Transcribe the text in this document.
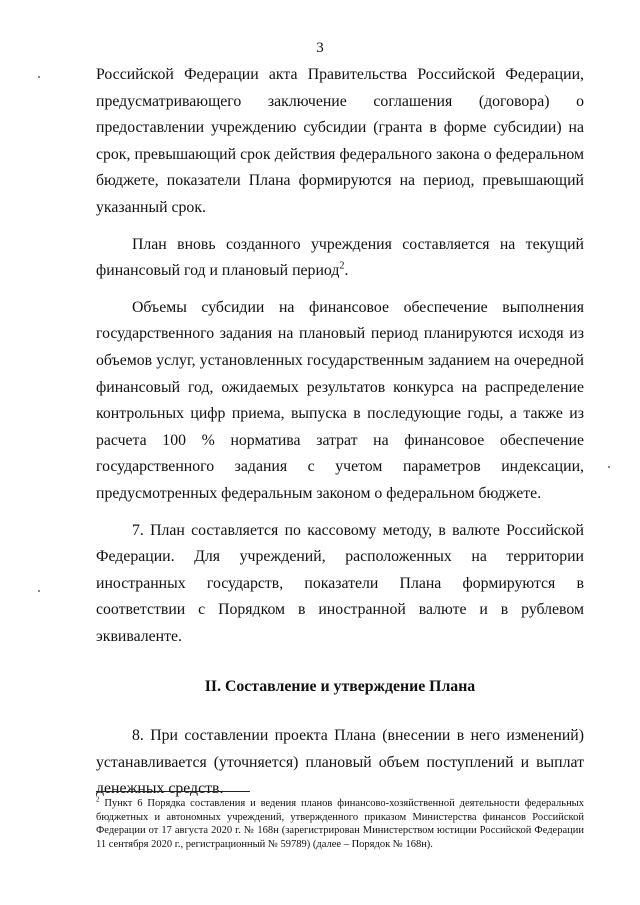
3

Российской Федерации акта Правительства Российской Федерации, предусматривающего заключение соглашения (договора) о предоставлении учреждению субсидии (гранта в форме субсидии) на срок, превышающий срок действия федерального закона о федеральном бюджете, показатели Плана формируются на период, превышающий указанный срок.

План вновь созданного учреждения составляется на текущий финансовый год и плановый период$^2$.

Объемы субсидии на финансовое обеспечение выполнения государственного задания на плановый период планируются исходя из объемов услуг, установленных государственным заданием на очередной финансовый год, ожидаемых результатов конкурса на распределение контрольных цифр приема, выпуска в последующие годы, а также из расчета 100 % норматива затрат на финансовое обеспечение государственного задания с учетом параметров индексации, предусмотренных федеральным законом о федеральном бюджете.

7. План составляется по кассовому методу, в валюте Российской Федерации. Для учреждений, расположенных на территории иностранных государств, показатели Плана формируются в соответствии с Порядком в иностранной валюте и в рублевом эквиваленте.

II. Составление и утверждение Плана

8. При составлении проекта Плана (внесении в него изменений) устанавливается (уточняется) плановый объем поступлений и выплат денежных средств.

$^2$ Пункт 6 Порядка составления и ведения планов финансово-хозяйственной деятельности федеральных бюджетных и автономных учреждений, утвержденного приказом Министерства финансов Российской Федерации от 17 августа 2020 г. № 168н (зарегистрирован Министерством юстиции Российской Федерации 11 сентября 2020 г., регистрационный № 59789) (далее – Порядок № 168н).
